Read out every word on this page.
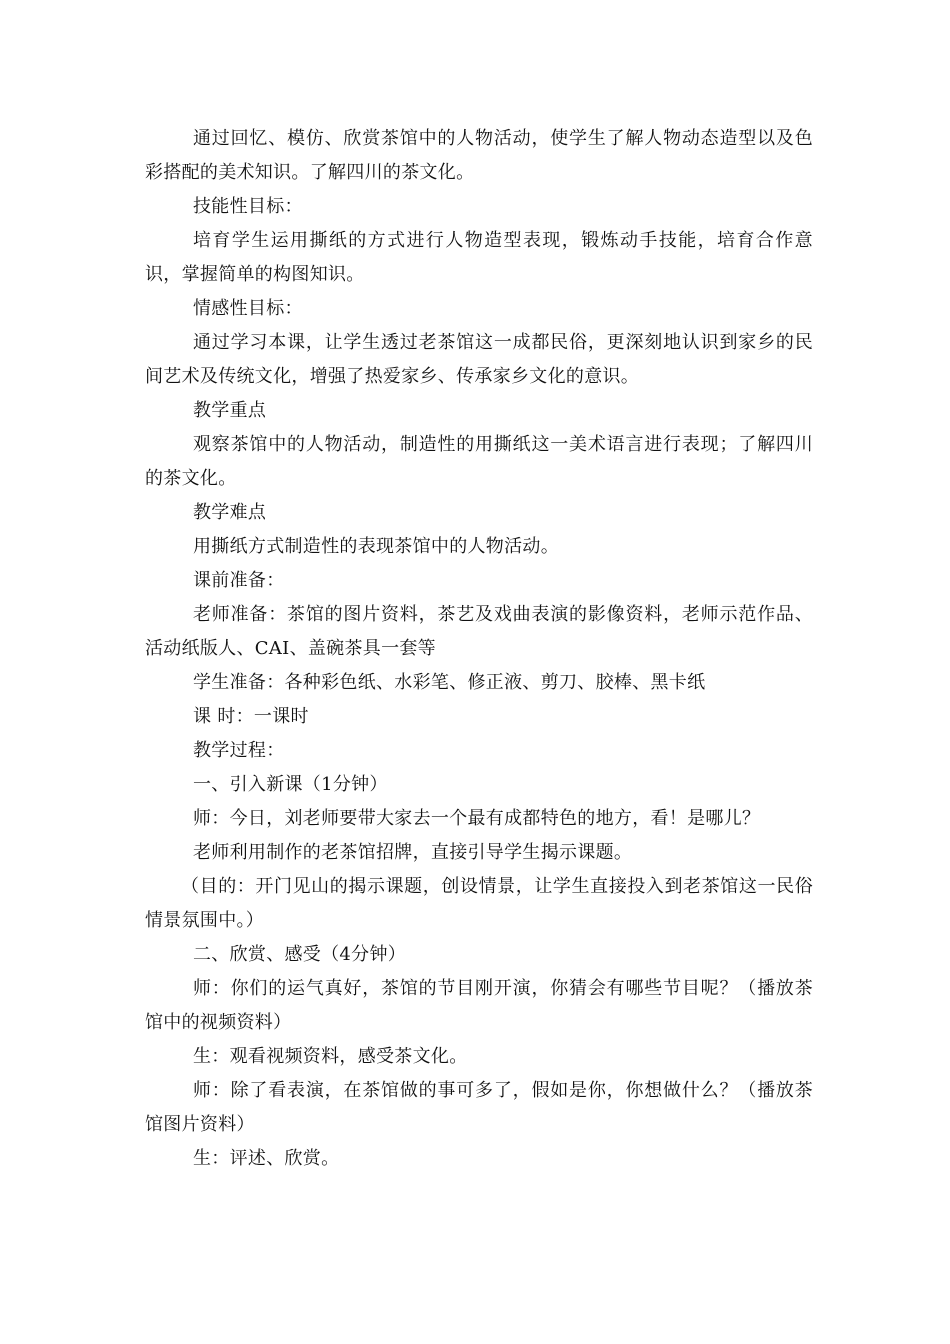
通过回忆、模仿、欣赏茶馆中的人物活动，使学生了解人物动态造型以及色彩搭配的美术知识。了解四川的茶文化。

技能性目标：

培育学生运用撕纸的方式进行人物造型表现，锻炼动手技能，培育合作意识，掌握简单的构图知识。

情感性目标：

通过学习本课，让学生透过老茶馆这一成都民俗，更深刻地认识到家乡的民间艺术及传统文化，增强了热爱家乡、传承家乡文化的意识。

教学重点

观察茶馆中的人物活动，制造性的用撕纸这一美术语言进行表现；了解四川的茶文化。

教学难点

用撕纸方式制造性的表现茶馆中的人物活动。

课前准备：

老师准备：茶馆的图片资料，茶艺及戏曲表演的影像资料，老师示范作品、活动纸版人、CAI、盖碗茶具一套等

学生准备：各种彩色纸、水彩笔、修正液、剪刀、胶棒、黑卡纸

课 时：一课时

教学过程：

一、引入新课（1分钟）

师：今日，刘老师要带大家去一个最有成都特色的地方，看！是哪儿？

老师利用制作的老茶馆招牌，直接引导学生揭示课题。

（目的：开门见山的揭示课题，创设情景，让学生直接投入到老茶馆这一民俗情景氛围中。）

二、欣赏、感受（4分钟）

师：你们的运气真好，茶馆的节目刚开演，你猜会有哪些节目呢？（播放茶馆中的视频资料）

生：观看视频资料，感受茶文化。

师：除了看表演，在茶馆做的事可多了，假如是你，你想做什么？（播放茶馆图片资料）

生：评述、欣赏。
